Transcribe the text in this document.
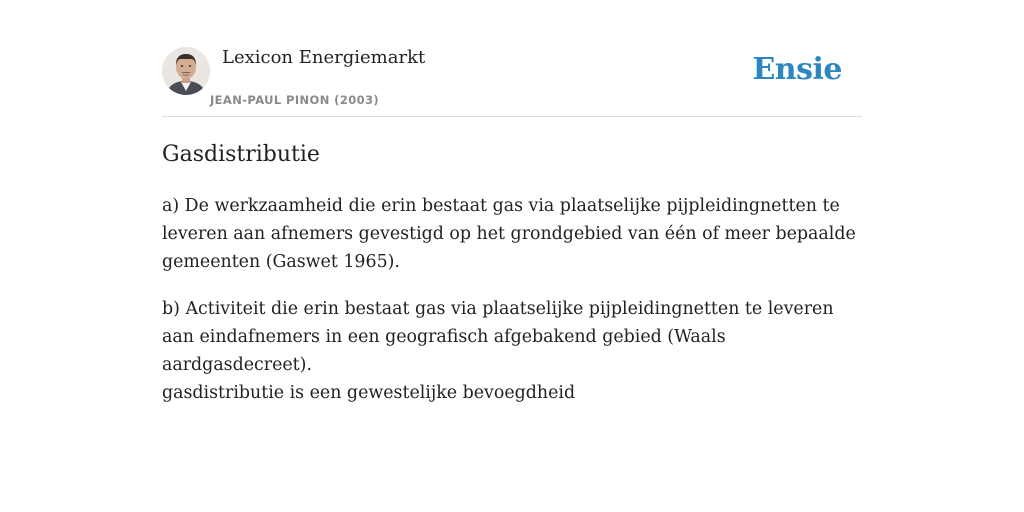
Lexicon Energiemarkt
JEAN-PAUL PINON (2003)
Ensie
Gasdistributie

a) De werkzaamheid die erin bestaat gas via plaatselijke pijpleidingnetten te leveren aan afnemers gevestigd op het grondgebied van één of meer bepaalde gemeenten (Gaswet 1965).

b) Activiteit die erin bestaat gas via plaatselijke pijpleidingnetten te leveren aan eindafnemers in een geografisch afgebakend gebied (Waals aardgasdecreet).

gasdistributie is een gewestelijke bevoegdheid
